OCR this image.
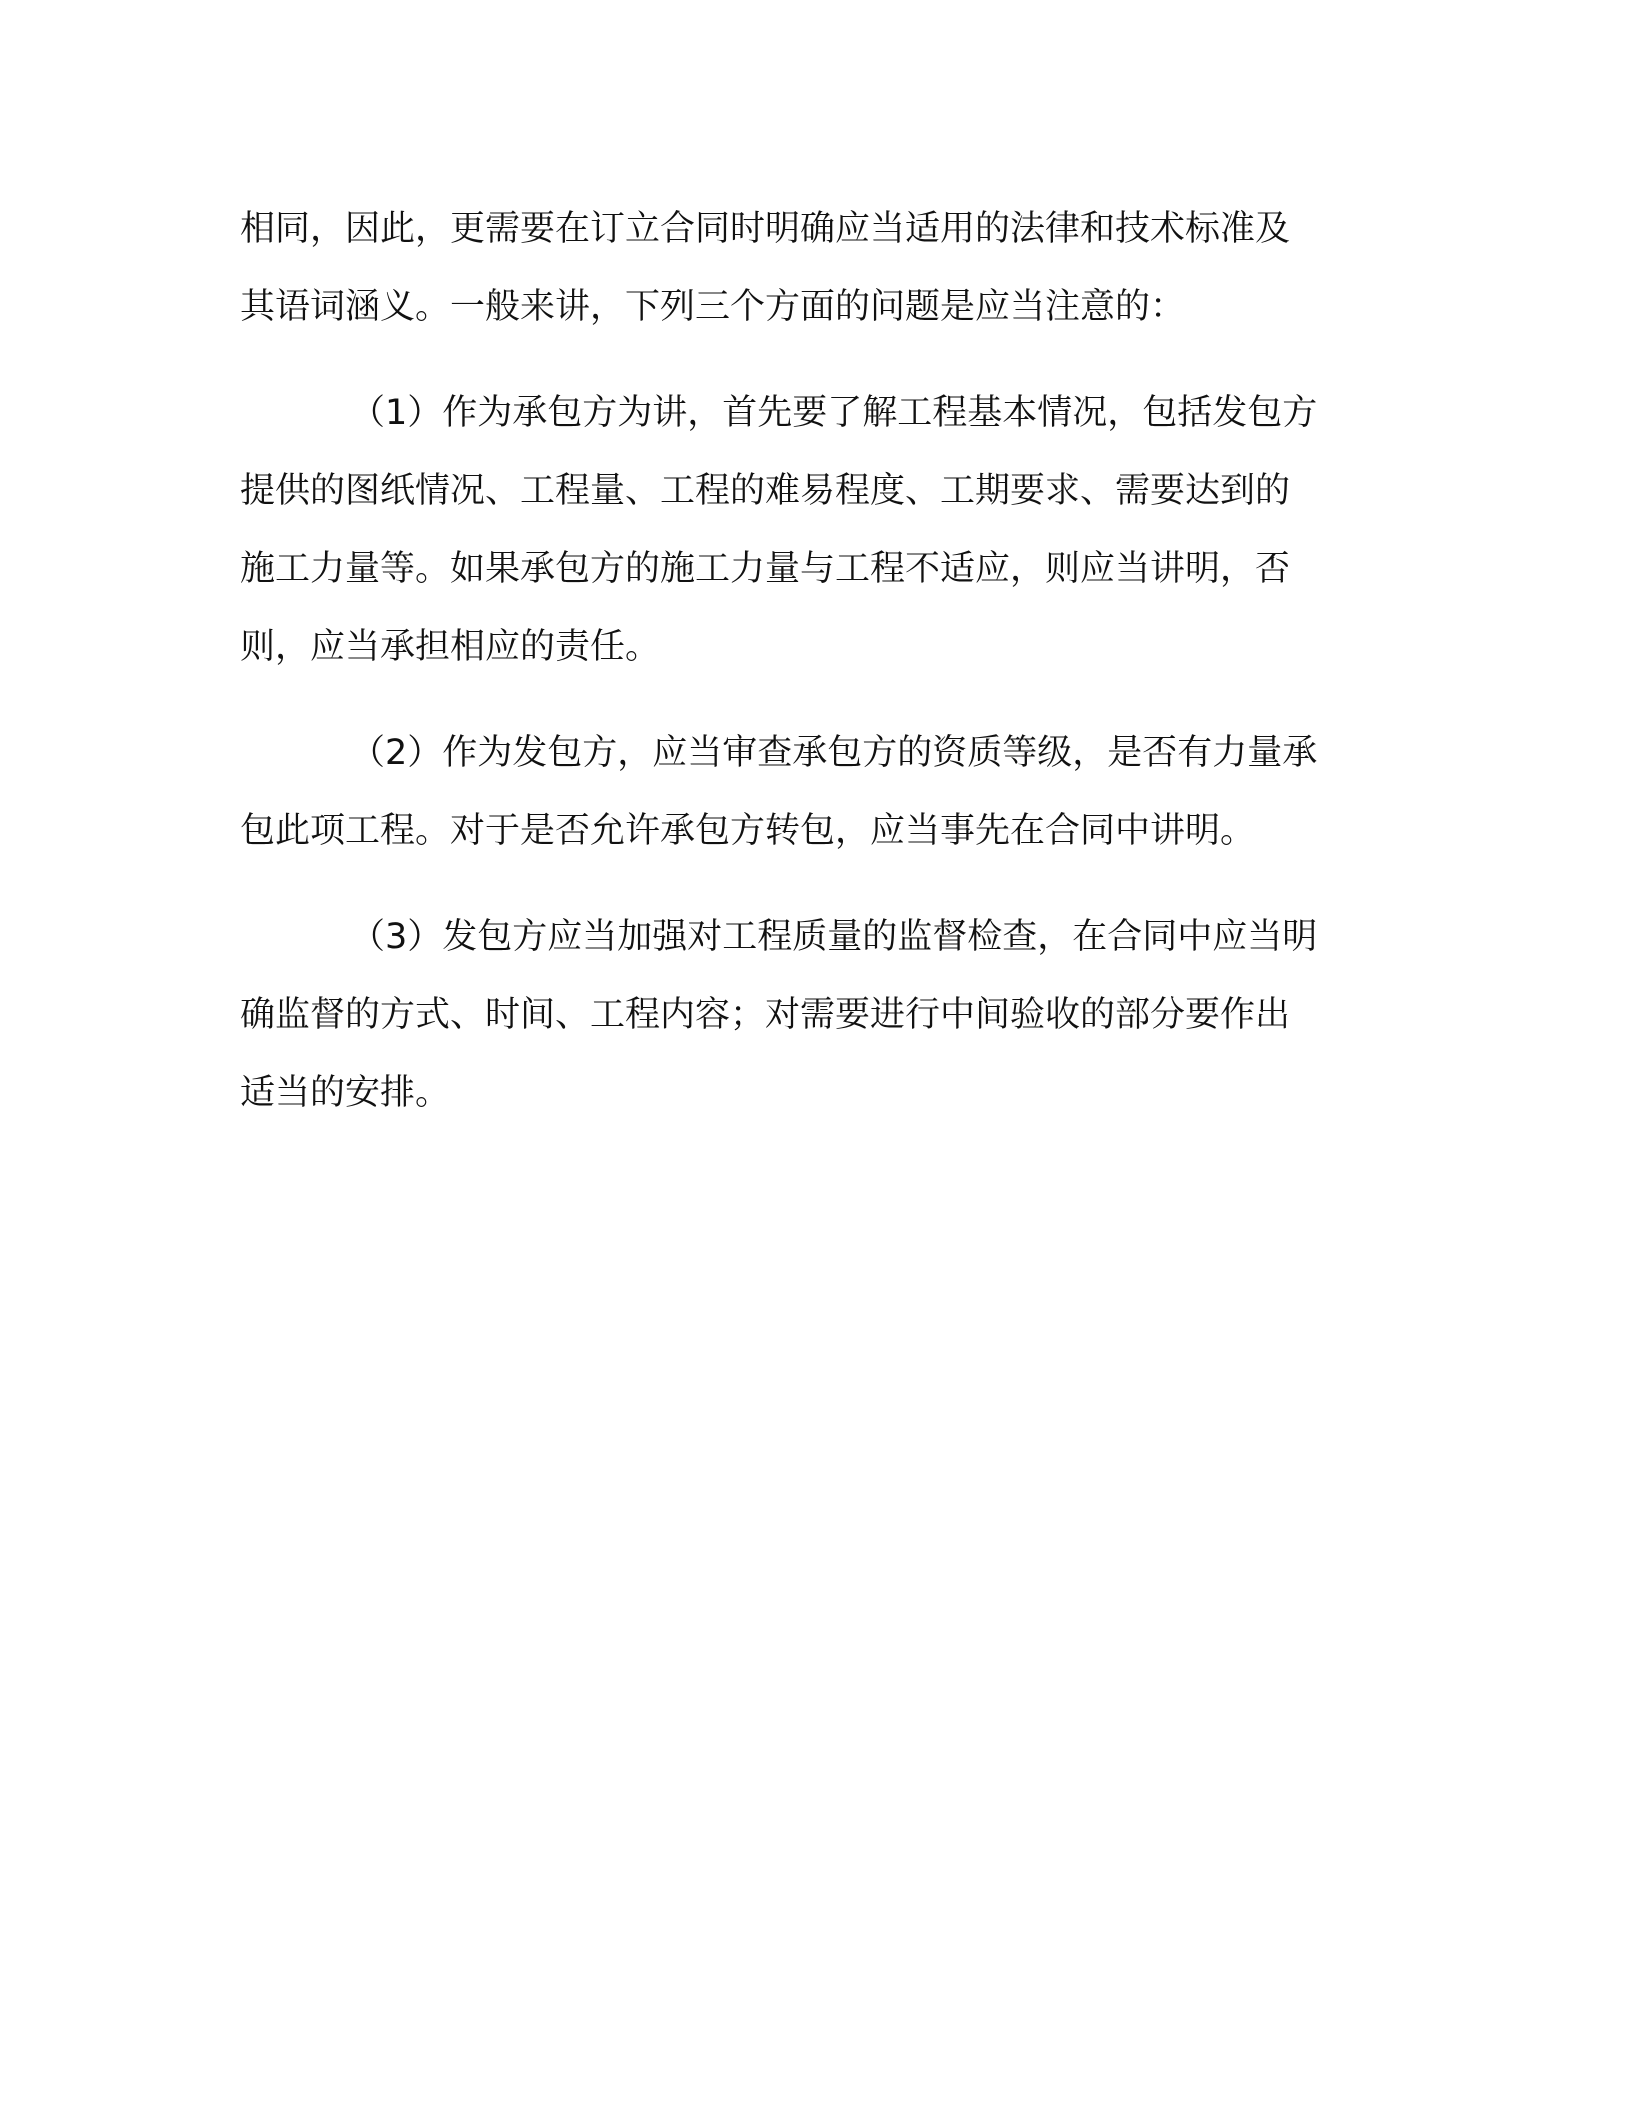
相同，因此，更需要在订立合同时明确应当适用的法律和技术标准及
其语词涵义。一般来讲，下列三个方面的问题是应当注意的：
（1）作为承包方为讲，首先要了解工程基本情况，包括发包方
提供的图纸情况、工程量、工程的难易程度、工期要求、需要达到的
施工力量等。如果承包方的施工力量与工程不适应，则应当讲明，否
则，应当承担相应的责任。
（2）作为发包方，应当审查承包方的资质等级，是否有力量承
包此项工程。对于是否允许承包方转包，应当事先在合同中讲明。
（3）发包方应当加强对工程质量的监督检查，在合同中应当明
确监督的方式、时间、工程内容；对需要进行中间验收的部分要作出
适当的安排。
